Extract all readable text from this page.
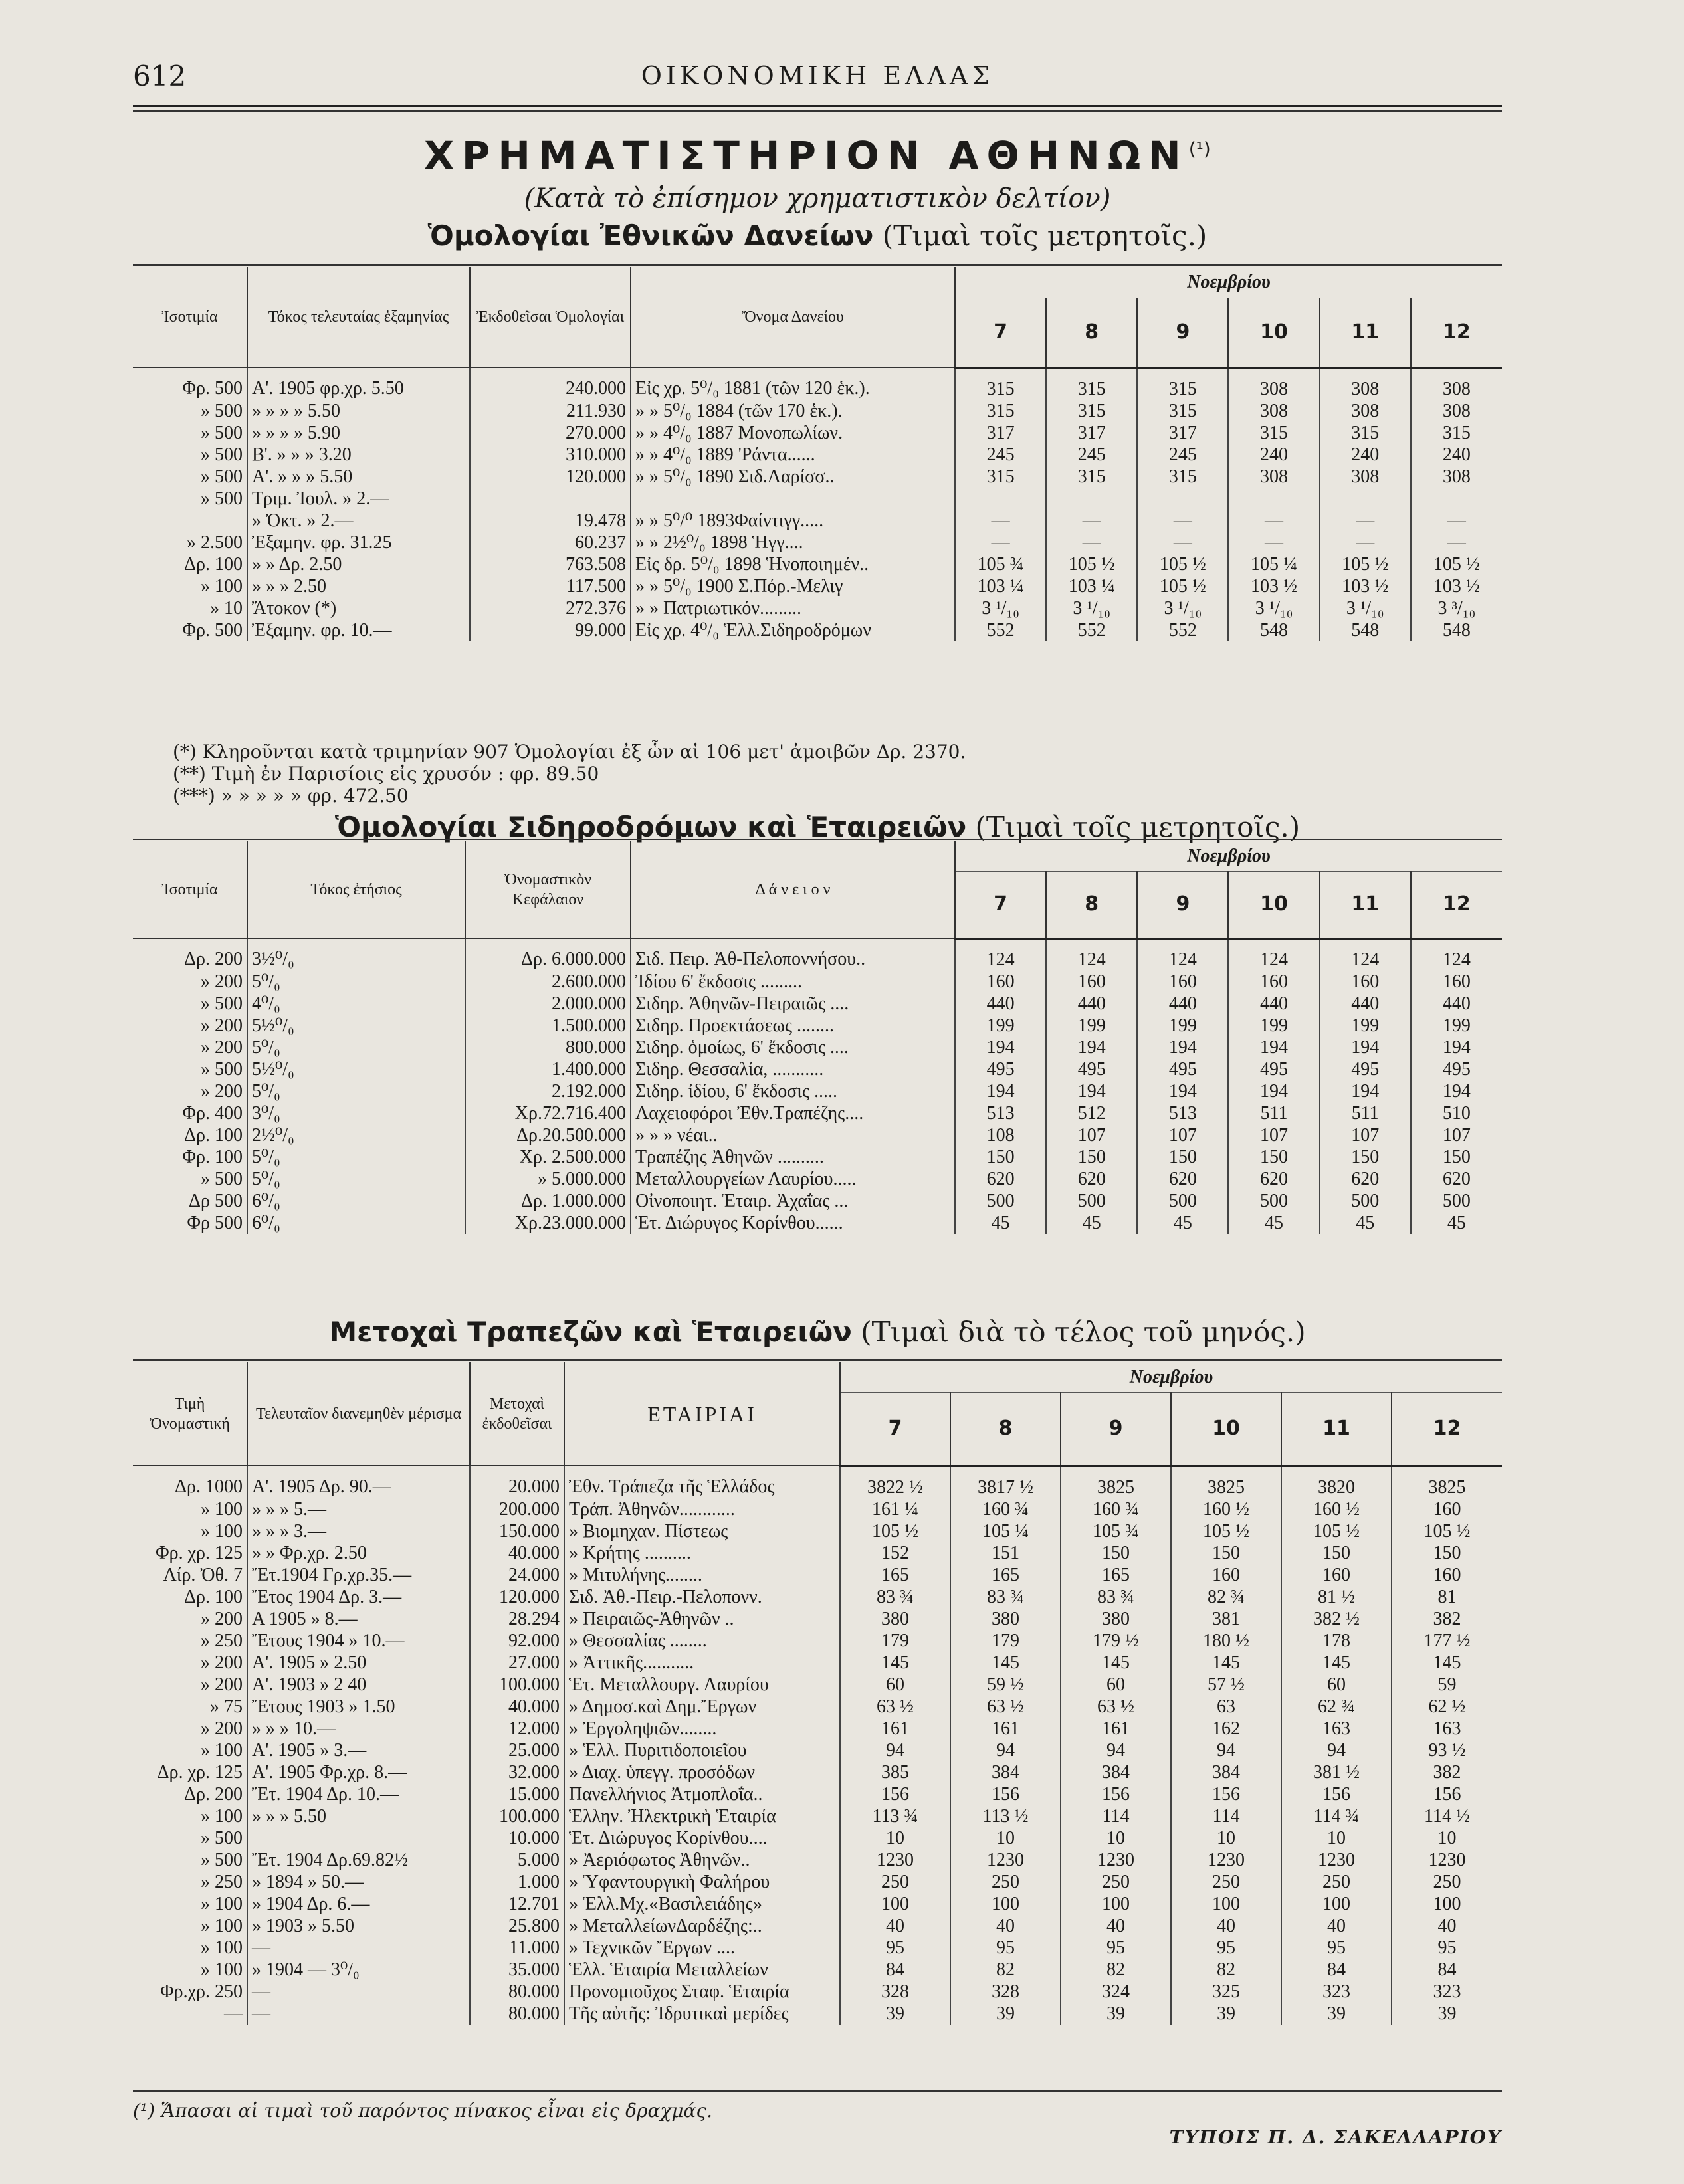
612	ΟΙΚΟΝΟΜΙΚΗ ΕΛΛΑΣ
ΧΡΗΜΑΤΙΣΤΗΡΙΟΝ $A\Theta HN\Omega N^{(^1)}$
(Κατὰ τὸ ἐπίσημον χρηματιστικὸν δελτίον)
Ὁμολογίαι Ἐθνικῶν Δανείων (Τιμαὶ τοῖς μετρητοῖς.)
Ἰσοτιμία	Τόκος τελευταίας ἑξαμηνίας	Ἐκδοθεῖσαι Ὁμολογίαι	Ὄνομα Δανείου	Νοεμβρίου					
				7	8	9	10	11	12
Φρ. 500	Α'. 1905 φρ.χρ. 5.50	240.000	Εἰς χρ. 5⁰/₀ 1881 (τῶν 120 ἑκ.).	315	315	315	308	308	308
» 500	» » » » 5.50	211.930	» » 5⁰/₀ 1884 (τῶν 170 ἑκ.).	315	315	315	308	308	308
» 500	» » » » 5.90	270.000	» » 4⁰/₀ 1887 Μονοπωλίων.	317	317	317	315	315	315
» 500	Β'. » » » 3.20	310.000	» » 4⁰/₀ 1889 'Ράντα......	245	245	245	240	240	240
» 500	Α'. » » » 5.50	120.000	» » 5⁰/₀ 1890 Σιδ.Λαρίσσ..	315	315	315	308	308	308
» 500	Τριμ. Ἰουλ. » 2.—								
	» Ὀκτ. » 2.—	19.478	» » 5⁰/⁰ 1893Φαίντιγγ.....	—	—	—	—	—	—
» 2.500	Ἐξαμην. φρ. 31.25	60.237	» » 2½⁰/₀ 1898 Ἡγγ....	—	—	—	—	—	—
Δρ. 100	» » Δρ. 2.50	763.508	Εἰς δρ. 5⁰/₀ 1898 Ἡνοποιημέν..	105 ¾	105 ½	105 ½	105 ¼	105 ½	105 ½
» 100	» » » 2.50	117.500	» » 5⁰/₀ 1900 Σ.Πόρ.-Μελιγ	103 ¼	103 ¼	105 ½	103 ½	103 ½	103 ½
» 10	Ἄτοκον (*)	272.376	» » Πατριωτικόν.........	3 ¹/₁₀	3 ¹/₁₀	3 ¹/₁₀	3 ¹/₁₀	3 ¹/₁₀	3 ³/₁₀
Φρ. 500	Ἐξαμην. φρ. 10.—	99.000	Εἰς χρ. 4⁰/₀ Ἑλλ.Σιδηροδρόμων	552	552	552	548	548	548
(*) Κληροῦνται κατὰ τριμηνίαν 907 Ὁμολογίαι ἐξ ὧν αἱ 106 μετ' ἀμοιβῶν Δρ. 2370.
(**) Τιμὴ ἐν Παρισίοις εἰς χρυσόν : φρ. 89.50
(***) » » » » » φρ. 472.50
Ὁμολογίαι Σιδηροδρόμων καὶ Ἑταιρειῶν (Τιμαὶ τοῖς μετρητοῖς.)
Ἰσοτιμία	Τόκος ἐτήσιος	Ὀνομαστικὸν Κεφάλαιον	Δ ά ν ε ι ο ν	Νοεμβρίου					
				7	8	9	10	11	12
Δρ. 200	3½⁰/₀	Δρ. 6.000.000	Σιδ. Πειρ. Ἀθ-Πελοποννήσου..	124	124	124	124	124	124
» 200	5⁰/₀	2.600.000	Ἰδίου 6' ἔκδοσις .........	160	160	160	160	160	160
» 500	4⁰/₀	2.000.000	Σιδηρ. Ἀθηνῶν-Πειραιῶς ....	440	440	440	440	440	440
» 200	5½⁰/₀	1.500.000	Σιδηρ. Προεκτάσεως ........	199	199	199	199	199	199
» 200	5⁰/₀	800.000	Σιδηρ. ὁμοίως, 6' ἔκδοσις ....	194	194	194	194	194	194
» 500	5½⁰/₀	1.400.000	Σιδηρ. Θεσσαλία, ...........	495	495	495	495	495	495
» 200	5⁰/₀	2.192.000	Σιδηρ. ἰδίου, 6' ἔκδοσις .....	194	194	194	194	194	194
Φρ. 400	3⁰/₀	Χρ.72.716.400	Λαχειοφόροι Ἐθν.Τραπέζης....	513	512	513	511	511	510
Δρ. 100	2½⁰/₀	Δρ.20.500.000	» » » νέαι..	108	107	107	107	107	107
Φρ. 100	5⁰/₀	Χρ. 2.500.000	Τραπέζης Ἀθηνῶν ..........	150	150	150	150	150	150
» 500	5⁰/₀	» 5.000.000	Μεταλλουργείων Λαυρίου.....	620	620	620	620	620	620
Δρ 500	6⁰/₀	Δρ. 1.000.000	Οἰνοποιητ. Ἑταιρ. Ἀχαΐας ...	500	500	500	500	500	500
Φρ 500	6⁰/₀	Χρ.23.000.000	Ἑτ. Διώρυγος Κορίνθου......	45	45	45	45	45	45
Μετοχαὶ Τραπεζῶν καὶ Ἑταιρειῶν (Τιμαὶ διὰ τὸ τέλος τοῦ μηνός.)
Τιμὴ Ὀνομαστική	Τελευταῖον διανεμηθὲν μέρισμα	Μετοχαὶ ἐκδοθεῖσαι	ΕΤΑΙΡΙΑΙ	Νοεμβρίου					
				7	8	9	10	11	12
Δρ. 1000	Α'. 1905 Δρ. 90.—	20.000	Ἐθν. Τράπεζα τῆς Ἑλλάδος	3822 ½	3817 ½	3825	3825	3820	3825
» 100	» » » 5.—	200.000	Τράπ. Ἀθηνῶν............	161 ¼	160 ¾	160 ¾	160 ½	160 ½	160
» 100	» » » 3.—	150.000	» Βιομηχαν. Πίστεως	105 ½	105 ¼	105 ¾	105 ½	105 ½	105 ½
Φρ. χρ. 125	» » Φρ.χρ. 2.50	40.000	» Κρήτης ..........	152	151	150	150	150	150
Λίρ. Ὀθ. 7	Ἔτ.1904 Γρ.χρ.35.—	24.000	» Μιτυλήνης........	165	165	165	160	160	160
Δρ. 100	Ἔτος 1904 Δρ. 3.—	120.000	Σιδ. Ἀθ.-Πειρ.-Πελοπονν.	83 ¾	83 ¾	83 ¾	82 ¾	81 ½	81
» 200	Α 1905 » 8.—	28.294	» Πειραιῶς-Ἀθηνῶν ..	380	380	380	381	382 ½	382
» 250	Ἔτους 1904 » 10.—	92.000	» Θεσσαλίας ........	179	179	179 ½	180 ½	178	177 ½
» 200	Α'. 1905 » 2.50	27.000	» Ἀττικῆς...........	145	145	145	145	145	145
» 200	Α'. 1903 » 2 40	100.000	Ἑτ. Μεταλλουργ. Λαυρίου	60	59 ½	60	57 ½	60	59
» 75	Ἔτους 1903 » 1.50	40.000	» Δημοσ.καὶ Δημ.Ἔργων	63 ½	63 ½	63 ½	63	62 ¾	62 ½
» 200	» » » 10.—	12.000	» Ἐργοληψιῶν........	161	161	161	162	163	163
» 100	Α'. 1905 » 3.—	25.000	» Ἑλλ. Πυριτιδοποιεῖου	94	94	94	94	94	93 ½
Δρ. χρ. 125	Α'. 1905 Φρ.χρ. 8.—	32.000	» Διαχ. ὑπεγγ. προσόδων	385	384	384	384	381 ½	382
Δρ. 200	Ἔτ. 1904 Δρ. 10.—	15.000	Πανελλήνιος Ἀτμοπλοΐα..	156	156	156	156	156	156
» 100	» » » 5.50	100.000	Ἑλλην. Ἠλεκτρικὴ Ἑταιρία	113 ¾	113 ½	114	114	114 ¾	114 ½
» 500		10.000	Ἑτ. Διώρυγος Κορίνθου....	10	10	10	10	10	10
» 500	Ἔτ. 1904 Δρ.69.82½	5.000	» Ἀεριόφωτος Ἀθηνῶν..	1230	1230	1230	1230	1230	1230
» 250	» 1894 » 50.—	1.000	» Ὑφαντουργικὴ Φαλήρου	250	250	250	250	250	250
» 100	» 1904 Δρ. 6.—	12.701	» Ἑλλ.Μχ.«Βασιλειάδης»	100	100	100	100	100	100
» 100	» 1903 » 5.50	25.800	» ΜεταλλείωνΔαρδέζης:..	40	40	40	40	40	40
» 100	—	11.000	» Τεχνικῶν Ἔργων ....	95	95	95	95	95	95
» 100	» 1904 — 3⁰/₀	35.000	Ἑλλ. Ἑταιρία Μεταλλείων	84	82	82	82	84	84
Φρ.χρ. 250	—	80.000	Προνομιοῦχος Σταφ. Ἑταιρία	328	328	324	325	323	323
—	—	80.000	Τῆς αὐτῆς: Ἰδρυτικαὶ μερίδες	39	39	39	39	39	39
(¹) Ἅπασαι αἱ τιμαὶ τοῦ παρόντος πίνακος εἶναι εἰς δραχμάς.
ΤΥΠΟΙΣ Π. Δ. ΣΑΚΕΛΛΑΡΙΟΥ
